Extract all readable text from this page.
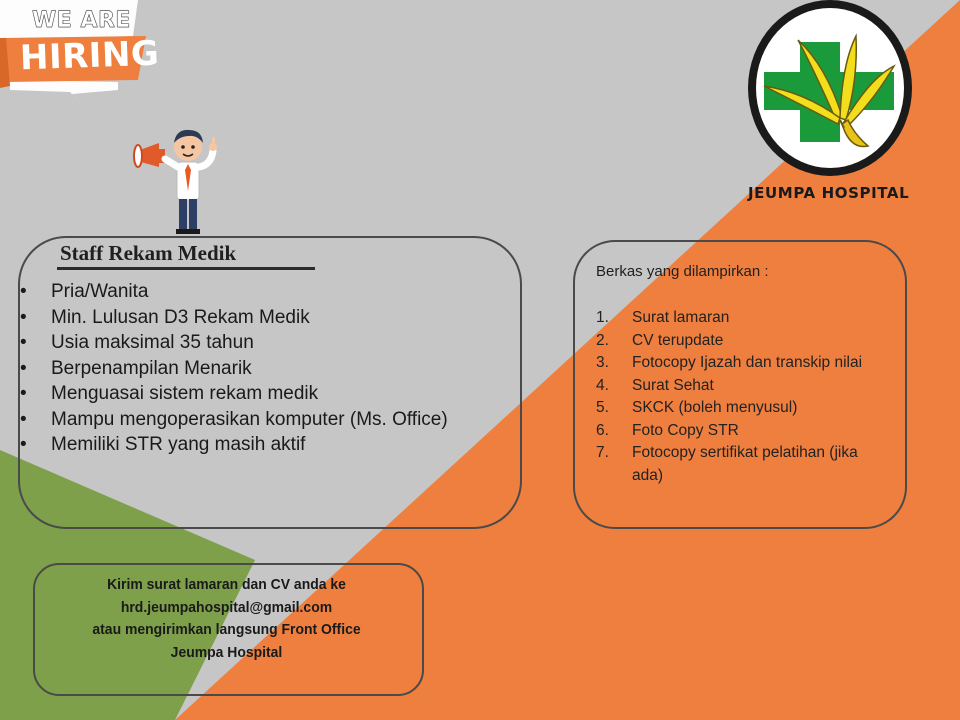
WE ARE
HIRING
JEUMPA HOSPITAL
Staff Rekam Medik
• Pria/Wanita
• Min. Lulusan D3 Rekam Medik
• Usia maksimal 35 tahun
• Berpenampilan Menarik
• Menguasai sistem rekam medik
• Mampu mengoperasikan komputer (Ms. Office)
• Memiliki STR yang masih aktif
Berkas yang dilampirkan :
1.	Surat lamaran
2.	CV terupdate
3.	Fotocopy Ijazah dan transkip nilai
4.	Surat Sehat
5.	SKCK (boleh menyusul)
6.	Foto Copy STR
7.	Fotocopy sertifikat pelatihan (jika ada)
Kirim surat lamaran dan CV anda ke
hrd.jeumpahospital@gmail.com
atau mengirimkan langsung Front Office
Jeumpa Hospital
